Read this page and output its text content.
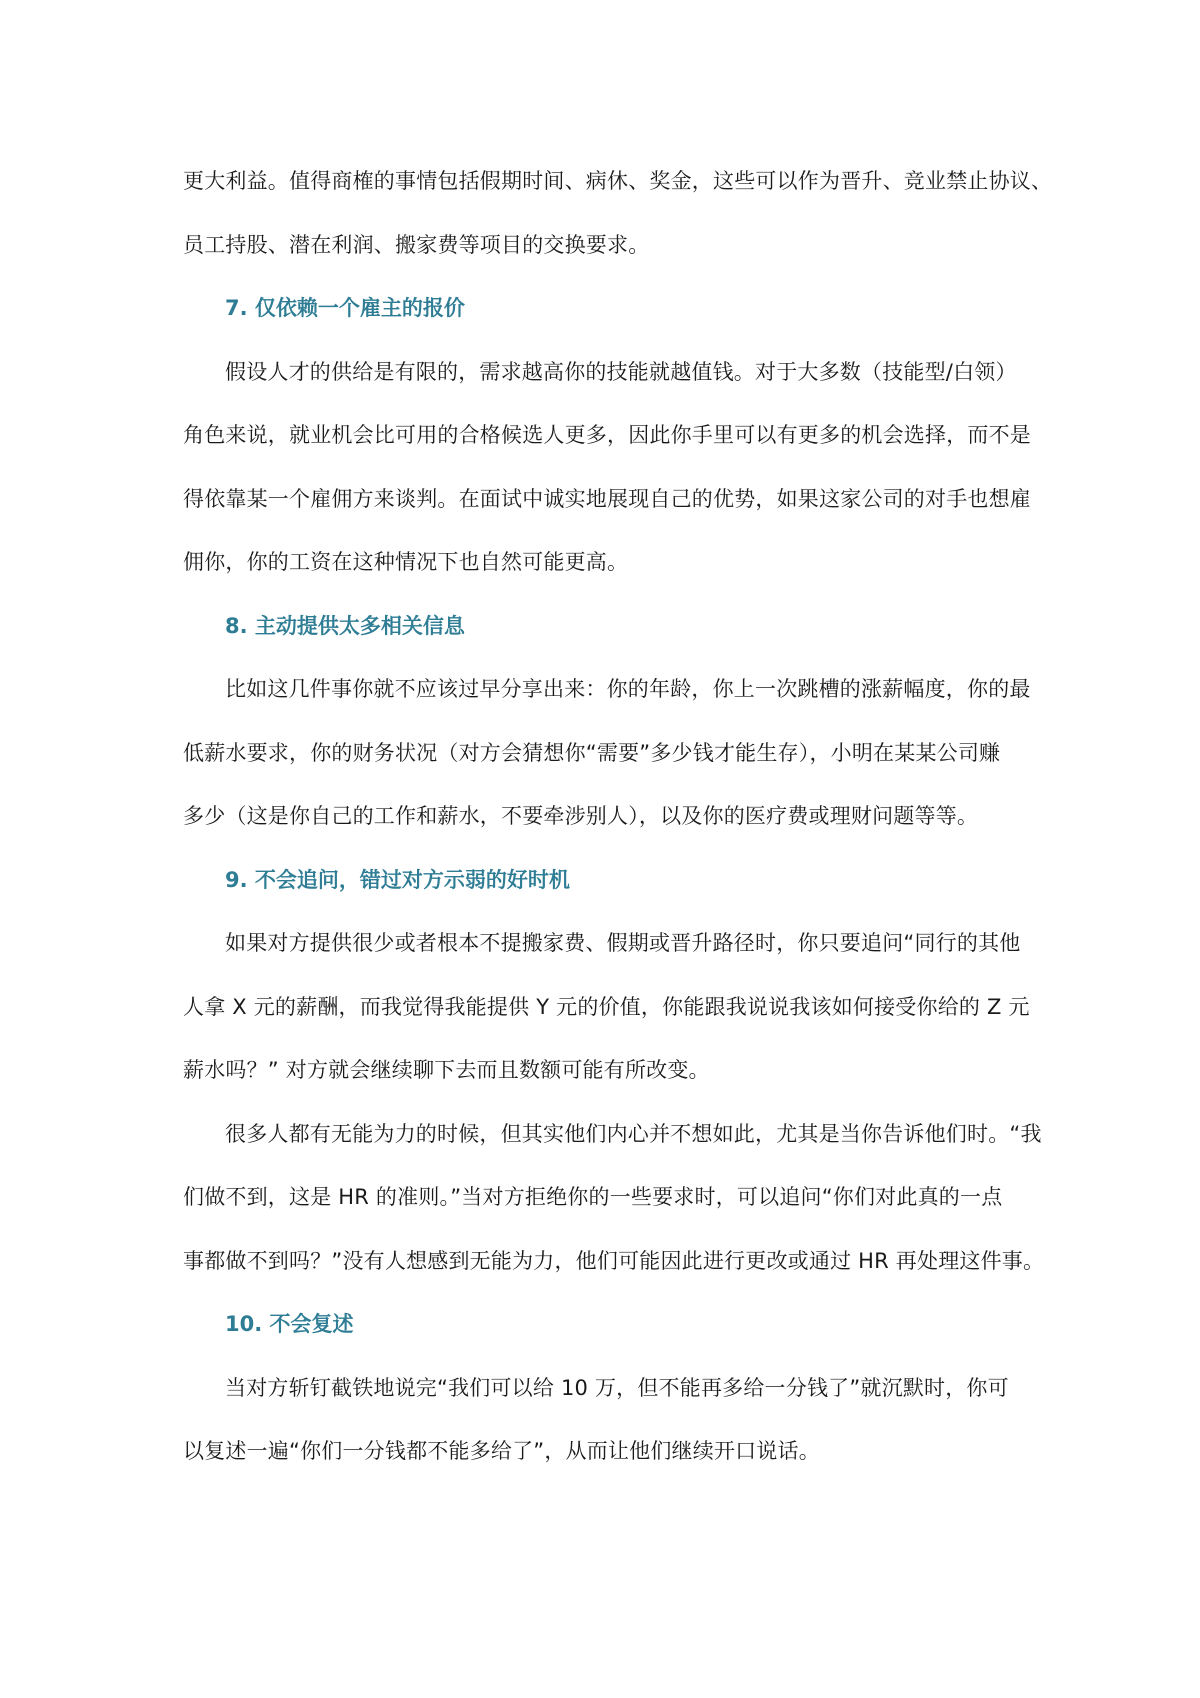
更大利益。值得商榷的事情包括假期时间、病休、奖金，这些可以作为晋升、竞业禁止协议、

员工持股、潜在利润、搬家费等项目的交换要求。

7. 仅依赖一个雇主的报价

假设人才的供给是有限的，需求越高你的技能就越值钱。对于大多数（技能型/白领）

角色来说，就业机会比可用的合格候选人更多，因此你手里可以有更多的机会选择，而不是

得依靠某一个雇佣方来谈判。在面试中诚实地展现自己的优势，如果这家公司的对手也想雇

佣你，你的工资在这种情况下也自然可能更高。

8. 主动提供太多相关信息

比如这几件事你就不应该过早分享出来：你的年龄，你上一次跳槽的涨薪幅度，你的最

低薪水要求，你的财务状况（对方会猜想你“需要”多少钱才能生存），小明在某某公司赚

多少（这是你自己的工作和薪水，不要牵涉别人），以及你的医疗费或理财问题等等。

9. 不会追问，错过对方示弱的好时机

如果对方提供很少或者根本不提搬家费、假期或晋升路径时，你只要追问“同行的其他

人拿 X 元的薪酬，而我觉得我能提供 Y 元的价值，你能跟我说说我该如何接受你给的 Z 元

薪水吗？” 对方就会继续聊下去而且数额可能有所改变。

很多人都有无能为力的时候，但其实他们内心并不想如此，尤其是当你告诉他们时。“我

们做不到，这是 HR 的准则。”当对方拒绝你的一些要求时，可以追问“你们对此真的一点

事都做不到吗？”没有人想感到无能为力，他们可能因此进行更改或通过 HR 再处理这件事。

10. 不会复述

当对方斩钉截铁地说完“我们可以给 10 万，但不能再多给一分钱了”就沉默时，你可

以复述一遍“你们一分钱都不能多给了”，从而让他们继续开口说话。
